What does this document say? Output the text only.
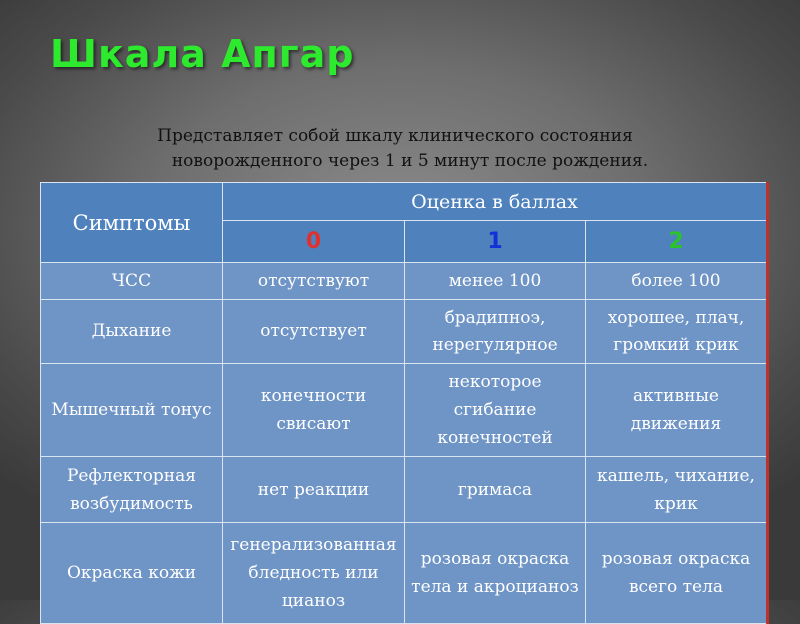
Шкала Апгар
Представляет собой шкалу клинического состояния
новорожденного через 1 и 5 минут после рождения.
Симптомы	Оценка в баллах		
	0	1	2
ЧСС	отсутствуют	менее 100	более 100
Дыхание	отсутствует	брадипноэ, нерегулярное	хорошее, плач, громкий крик
Мышечный тонус	конечности свисают	некоторое сгибание конечностей	активные движения
Рефлекторная возбудимость	нет реакции	гримаса	кашель, чихание, крик
Окраска кожи	генерализованная бледность или цианоз	розовая окраска тела и акроцианоз	розовая окраска всего тела
